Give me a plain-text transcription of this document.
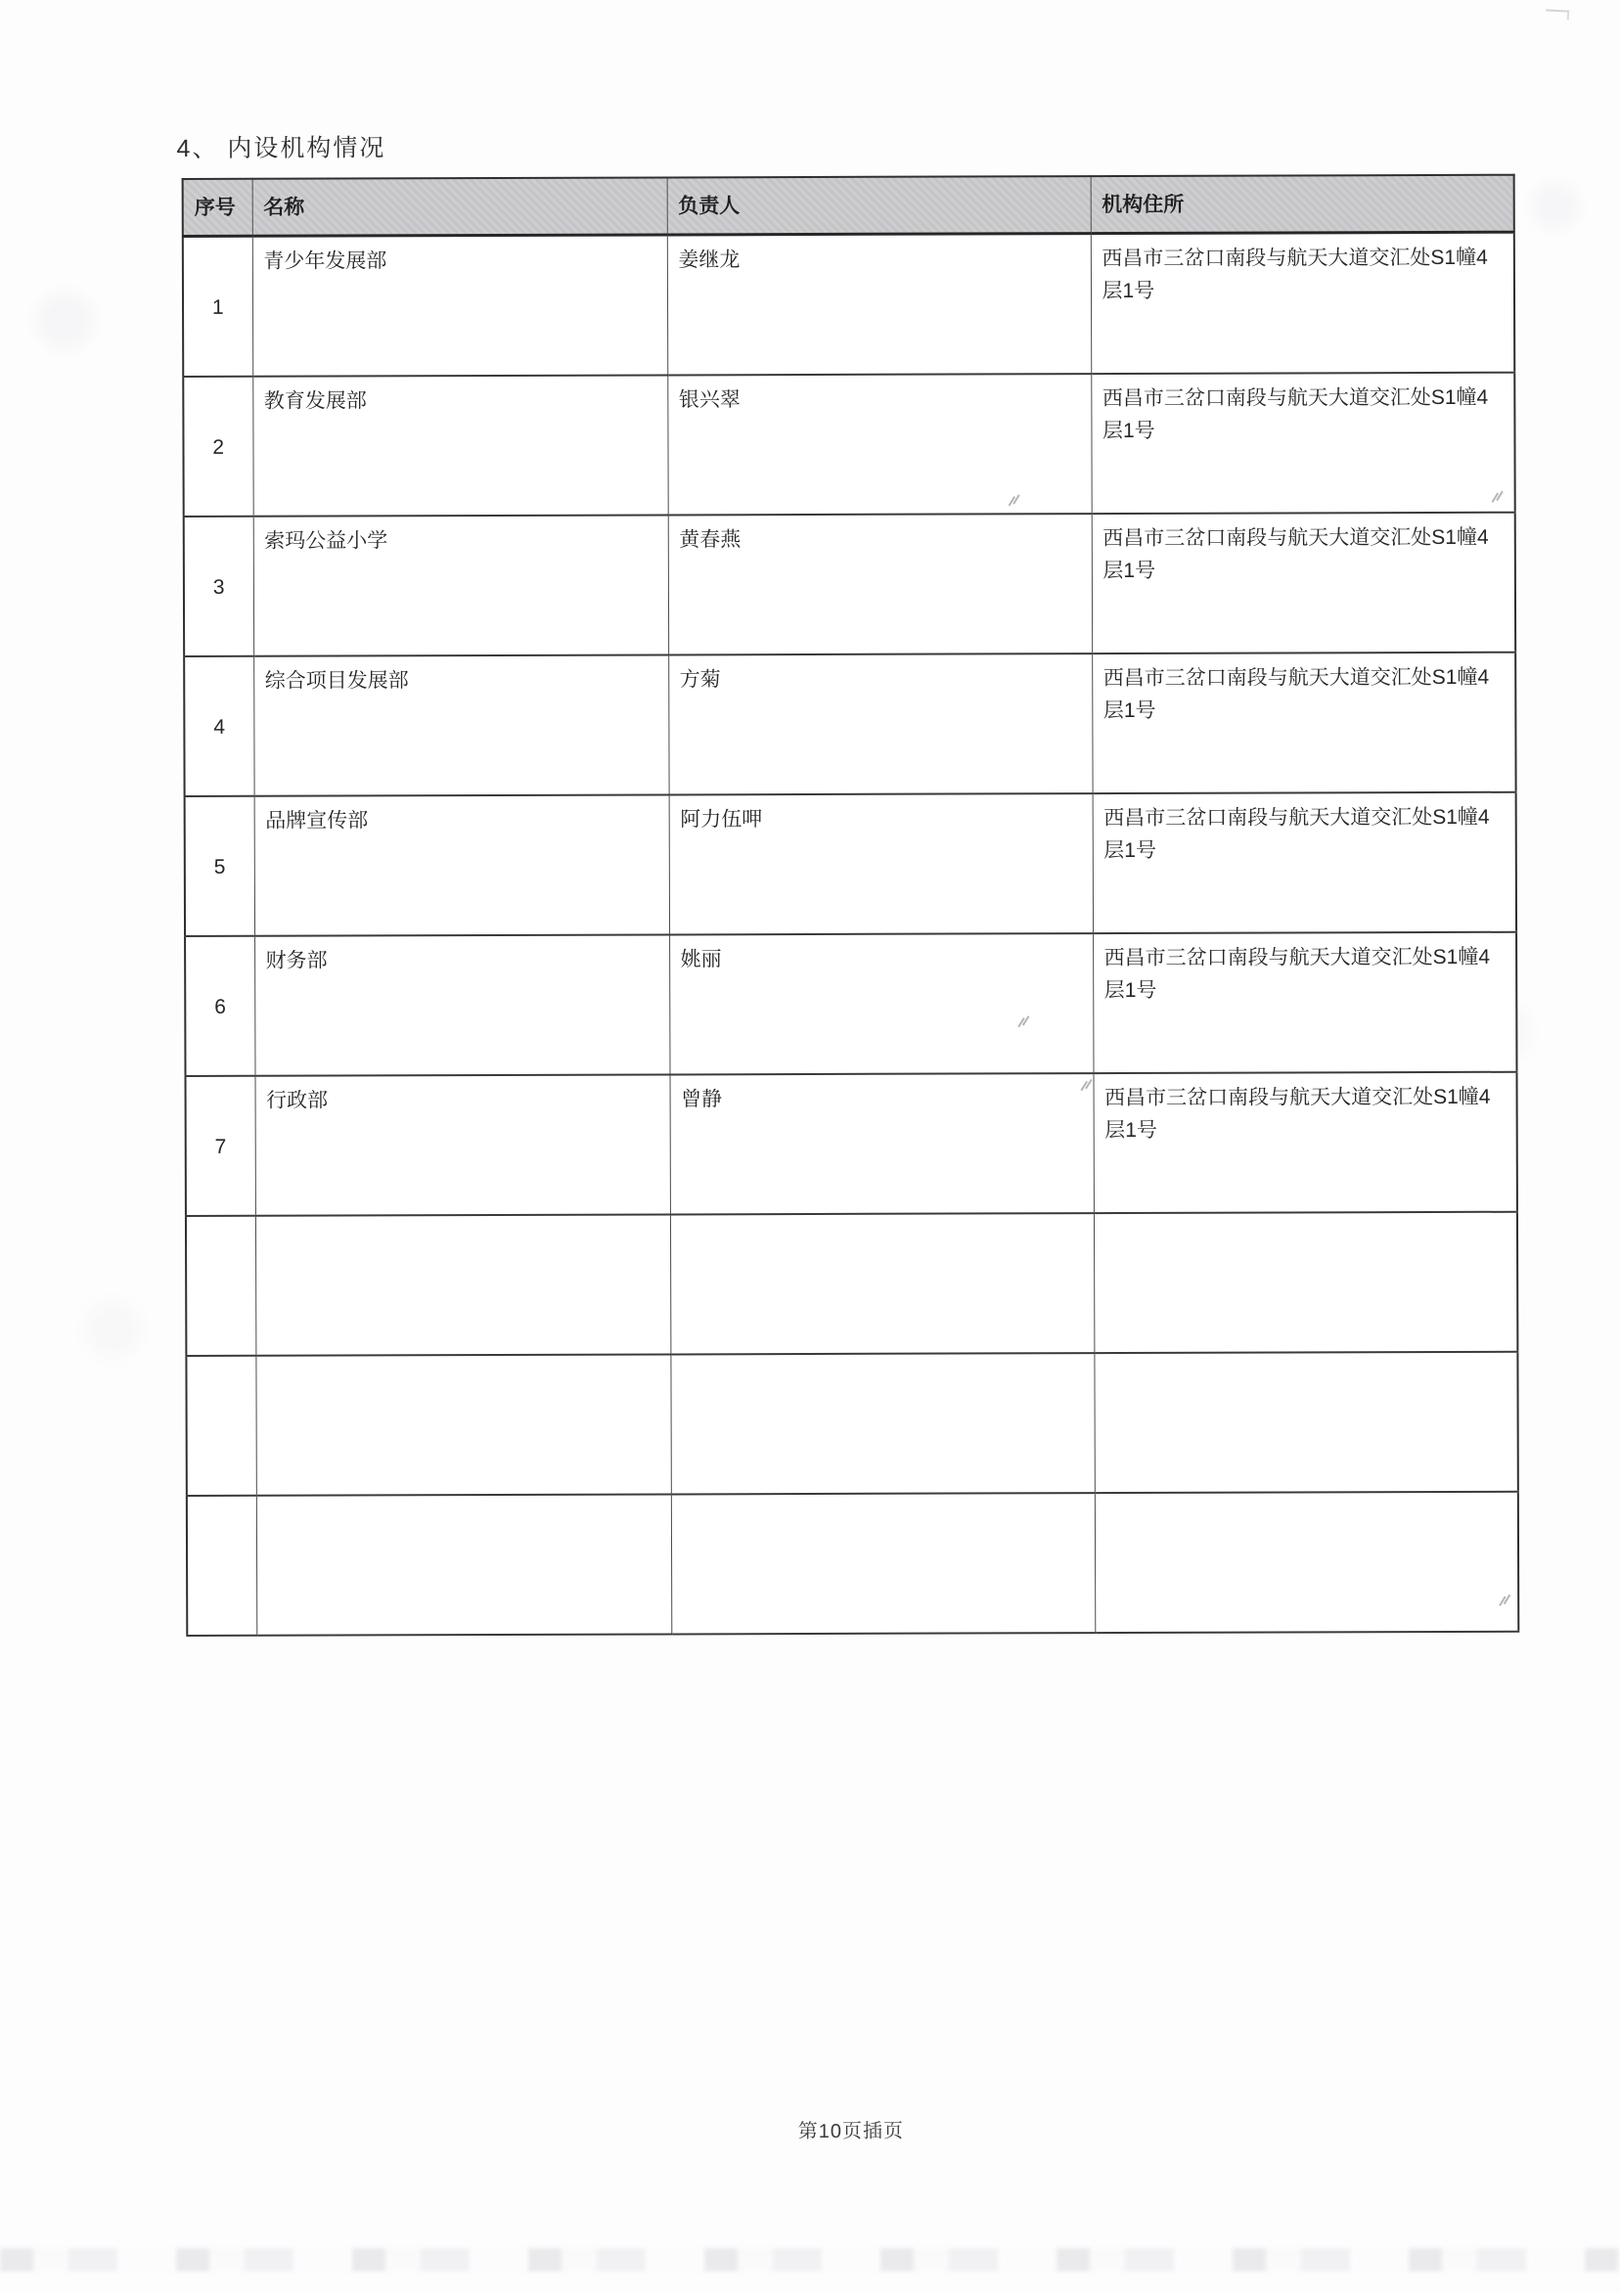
4、 内设机构情况
序号	名称	负责人	机构住所
1	青少年发展部	姜继龙	西昌市三岔口南段与航天大道交汇处S1幢4层1号
2	教育发展部	银兴翠	西昌市三岔口南段与航天大道交汇处S1幢4层1号
3	索玛公益小学	黄春燕	西昌市三岔口南段与航天大道交汇处S1幢4层1号
4	综合项目发展部	方菊	西昌市三岔口南段与航天大道交汇处S1幢4层1号
5	品牌宣传部	阿力伍呷	西昌市三岔口南段与航天大道交汇处S1幢4层1号
6	财务部	姚丽	西昌市三岔口南段与航天大道交汇处S1幢4层1号
7	行政部	曾静	西昌市三岔口南段与航天大道交汇处S1幢4层1号

第10页插页
